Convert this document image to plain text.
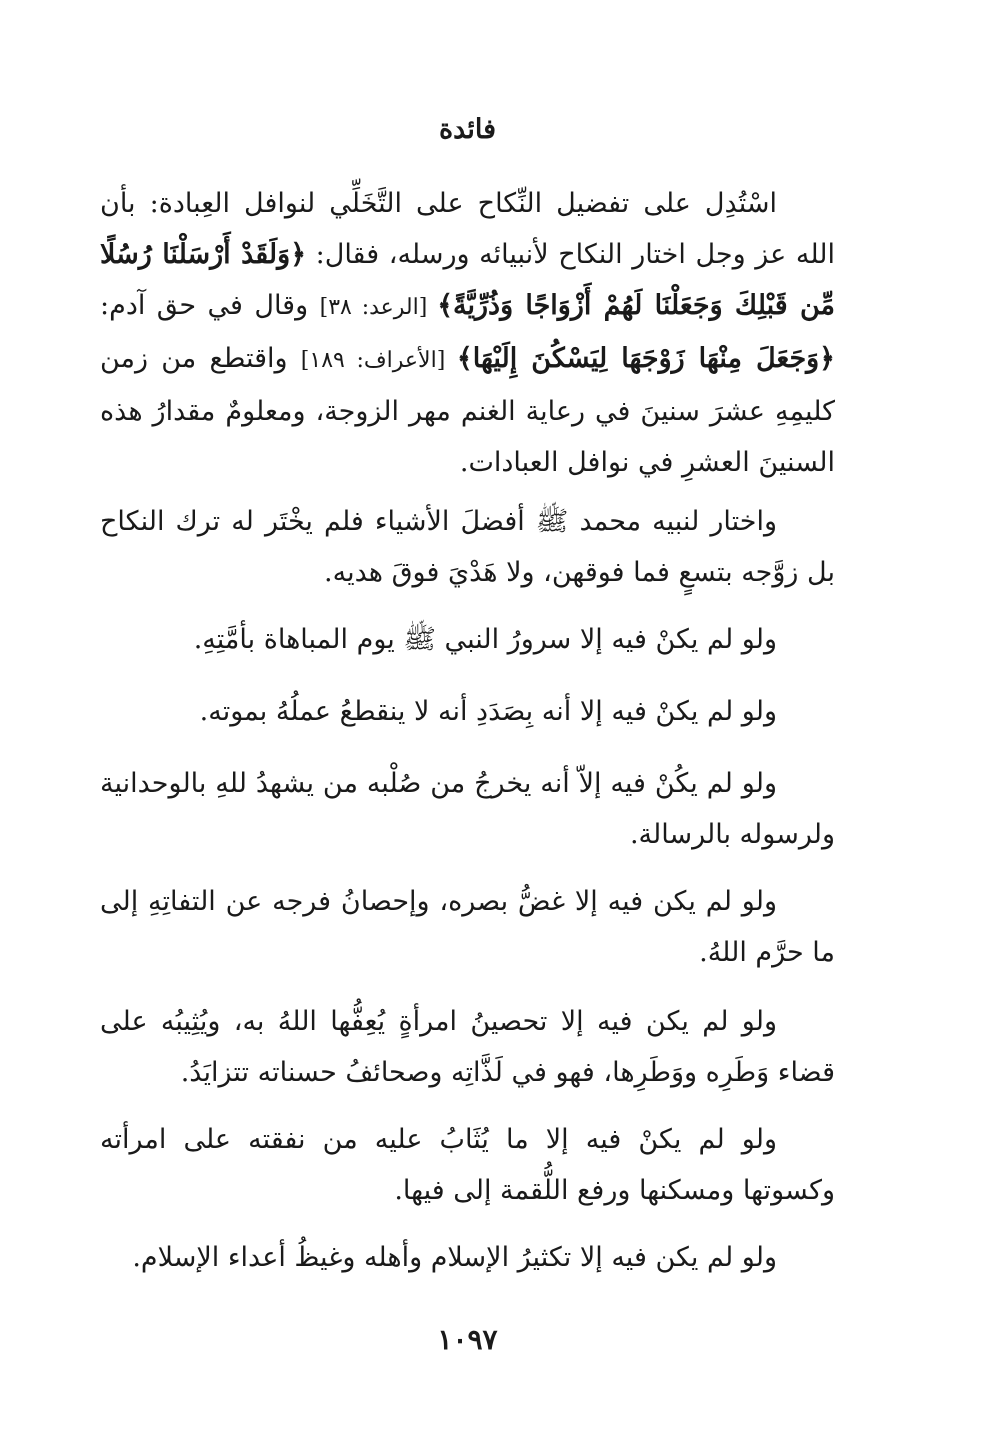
فائدة

اسْتُدِل على تفضيل النِّكاح على التَّخَلِّي لنوافل العِبادة: بأن الله عز وجل اختار النكاح لأنبيائه ورسله، فقال: ﴿وَلَقَدْ أَرْسَلْنَا رُسُلًا مِّن قَبْلِكَ وَجَعَلْنَا لَهُمْ أَزْوَاجًا وَذُرِّيَّةً﴾ [الرعد: ٣٨] وقال في حق آدم: ﴿وَجَعَلَ مِنْهَا زَوْجَهَا لِيَسْكُنَ إِلَيْهَا﴾ [الأعراف: ١٨٩] واقتطع من زمن كليمِهِ عشرَ سنينَ في رعاية الغنم مهر الزوجة، ومعلومٌ مقدارُ هذه السنينَ العشرِ في نوافل العبادات.

واختار لنبيه محمد ﷺ أفضلَ الأشياء فلم يخْتَر له ترك النكاح بل زوَّجه بتسعٍ فما فوقهن، ولا هَدْيَ فوقَ هديه.

ولو لم يكنْ فيه إلا سرورُ النبي ﷺ يوم المباهاة بأمَّتِهِ.

ولو لم يكنْ فيه إلا أنه بِصَدَدِ أنه لا ينقطعُ عملُهُ بموته.

ولو لم يكُنْ فيه إلاّ أنه يخرجُ من صُلْبه من يشهدُ للهِ بالوحدانية ولرسوله بالرسالة.

ولو لم يكن فيه إلا غضُّ بصره، وإحصانُ فرجه عن التفاتِهِ إلى ما حرَّم اللهُ.

ولو لم يكن فيه إلا تحصينُ امرأةٍ يُعِفُّها اللهُ به، ويُثِيبُه على قضاء وَطَرِه ووَطَرِها، فهو في لَذَّاتِه وصحائفُ حسناته تتزايَدُ.

ولو لم يكنْ فيه إلا ما يُثَابُ عليه من نفقته على امرأته وكسوتها ومسكنها ورفع اللُّقمة إلى فيها.

ولو لم يكن فيه إلا تكثيرُ الإسلام وأهله وغيظُ أعداء الإسلام.

١٠٩٧
